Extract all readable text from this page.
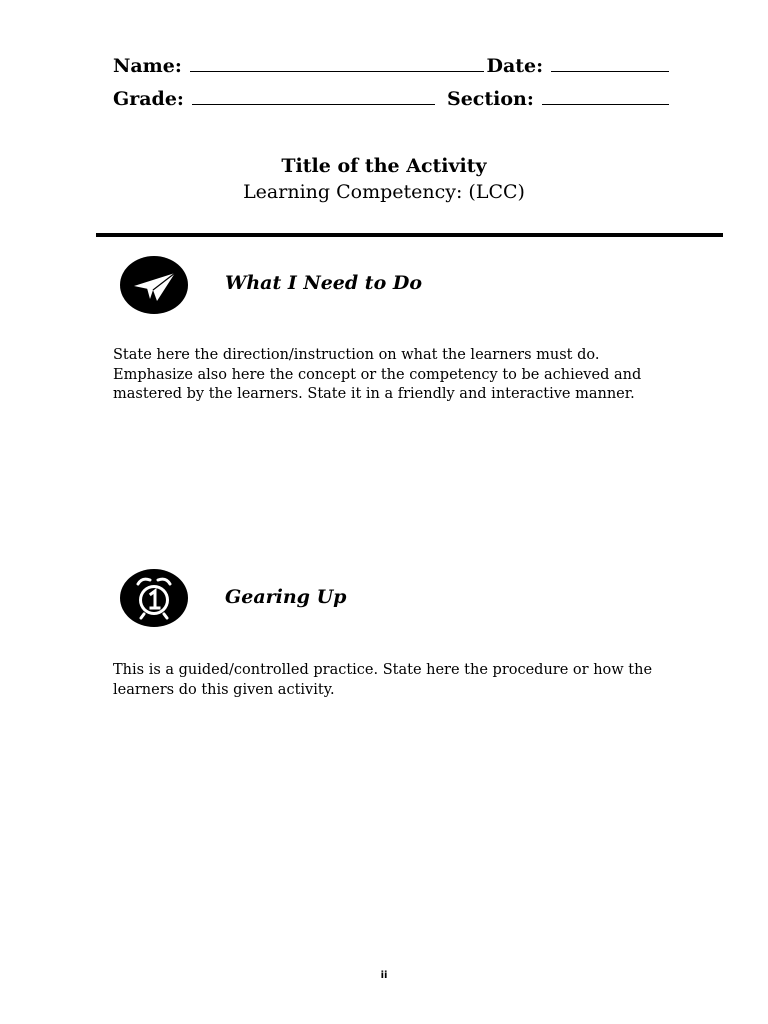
Name:	Date:
Grade:	Section:
Title of the Activity
Learning Competency: (LCC)
What I Need to Do
State here the direction/instruction on what the learners must do. Emphasize also here the concept or the competency to be achieved and mastered by the learners. State it in a friendly and interactive manner.
Gearing Up
This is a guided/controlled practice. State here the procedure or how the learners do this given activity.
ii
